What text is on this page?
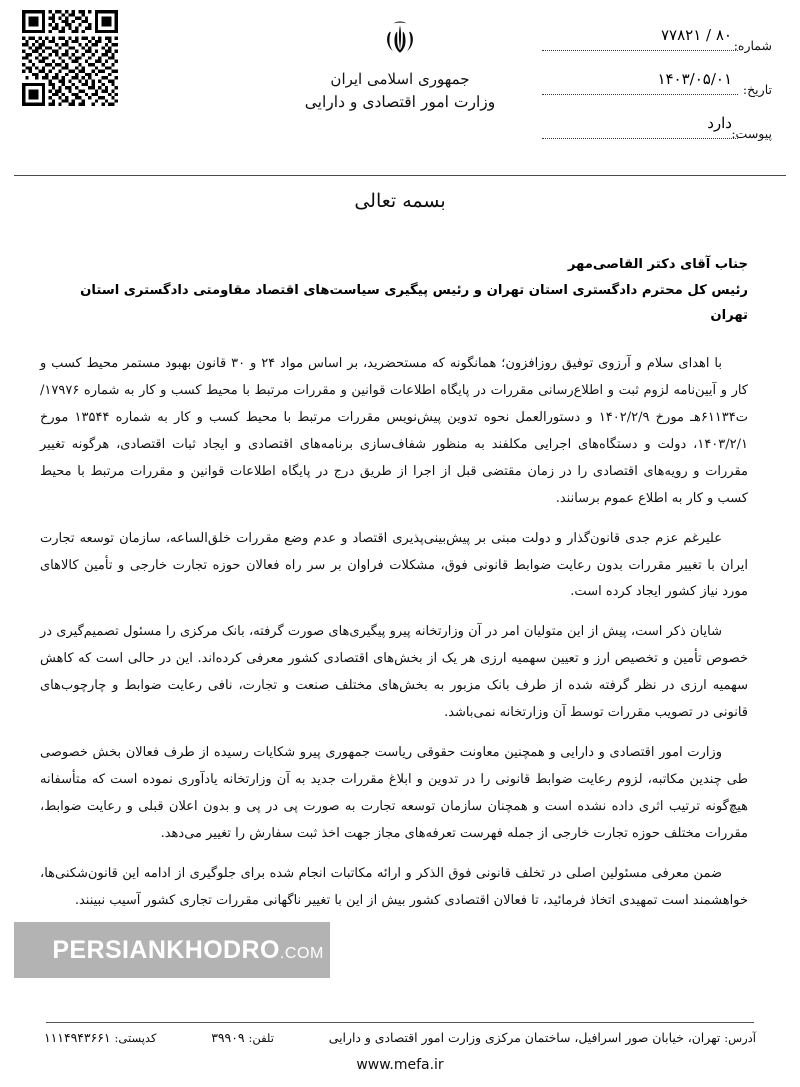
جمهوری اسلامی ایران
وزارت امور اقتصادی و دارایی
۸۰ / ۷۷۸۲۱
شماره:
۱۴۰۳/۰۵/۰۱
تاریخ:
دارد
پیوست:
بسمه تعالی
جناب آقای دکتر القاصی‌مهر
رئیس کل محترم دادگستری استان تهران و رئیس پیگیری سیاست‌های اقتصاد مقاومتی دادگستری استان تهران

با اهدای سلام و آرزوی توفیق روزافزون؛ همانگونه که مستحضرید، بر اساس مواد ۲۴ و ۳۰ قانون بهبود مستمر محیط کسب و کار و آیین‌نامه لزوم ثبت و اطلاع‌رسانی مقررات در پایگاه اطلاعات قوانین و مقررات مرتبط با محیط کسب و کار به شماره ۱۷۹۷۶/ت۶۱۱۳۴هـ مورخ ۱۴۰۲/۲/۹ و دستورالعمل نحوه تدوین پیش‌نویس مقررات مرتبط با محیط کسب و کار به شماره ۱۳۵۴۴ مورخ ۱۴۰۳/۲/۱، دولت و دستگاه‌های اجرایی مکلفند به منظور شفاف‌سازی برنامه‌های اقتصادی و ایجاد ثبات اقتصادی، هرگونه تغییر مقررات و رویه‌های اقتصادی را در زمان مقتضی قبل از اجرا از طریق درج در پایگاه اطلاعات قوانین و مقررات مرتبط با محیط کسب و کار به اطلاع عموم برسانند.

علیرغم عزم جدی قانون‌گذار و دولت مبنی بر پیش‌بینی‌پذیری اقتصاد و عدم وضع مقررات خلق‌الساعه، سازمان توسعه تجارت ایران با تغییر مقررات بدون رعایت ضوابط قانونی فوق، مشکلات فراوان بر سر راه فعالان حوزه تجارت خارجی و تأمین کالاهای مورد نیاز کشور ایجاد کرده است.

شایان ذکر است، پیش از این متولیان امر در آن وزارتخانه پیرو پیگیری‌های صورت گرفته، بانک مرکزی را مسئول تصمیم‌گیری در خصوص تأمین و تخصیص ارز و تعیین سهمیه ارزی هر یک از بخش‌های اقتصادی کشور معرفی کرده‌اند. این در حالی است که کاهش سهمیه ارزی در نظر گرفته شده از طرف بانک مزبور به بخش‌های مختلف صنعت و تجارت، نافی رعایت ضوابط و چارچوب‌های قانونی در تصویب مقررات توسط آن وزارتخانه نمی‌باشد.

وزارت امور اقتصادی و دارایی و همچنین معاونت حقوقی ریاست جمهوری پیرو شکایات رسیده از طرف فعالان بخش خصوصی طی چندین مکاتبه، لزوم رعایت ضوابط قانونی را در تدوین و ابلاغ مقررات جدید به آن وزارتخانه یادآوری نموده است که متأسفانه هیچ‌گونه ترتیب اثری داده نشده است و همچنان سازمان توسعه تجارت به صورت پی در پی و بدون اعلان قبلی و رعایت ضوابط، مقررات مختلف حوزه تجارت خارجی از جمله فهرست تعرفه‌های مجاز جهت اخذ ثبت سفارش را تغییر می‌دهد.

ضمن معرفی مسئولین اصلی در تخلف قانونی فوق الذکر و ارائه مکاتبات انجام شده برای جلوگیری از ادامه این قانون‌شکنی‌ها، خواهشمند است تمهیدی اتخاذ فرمائید، تا فعالان اقتصادی کشور بیش از این با تغییر ناگهانی مقررات تجاری کشور آسیب نبینند.

PERSIANKHODRO.COM
آدرس: تهران، خیابان صور اسرافیل، ساختمان مرکزی وزارت امور اقتصادی و دارایی
تلفن: ۳۹۹۰۹
کدپستی: ۱۱۱۴۹۴۳۶۶۱
www.mefa.ir
